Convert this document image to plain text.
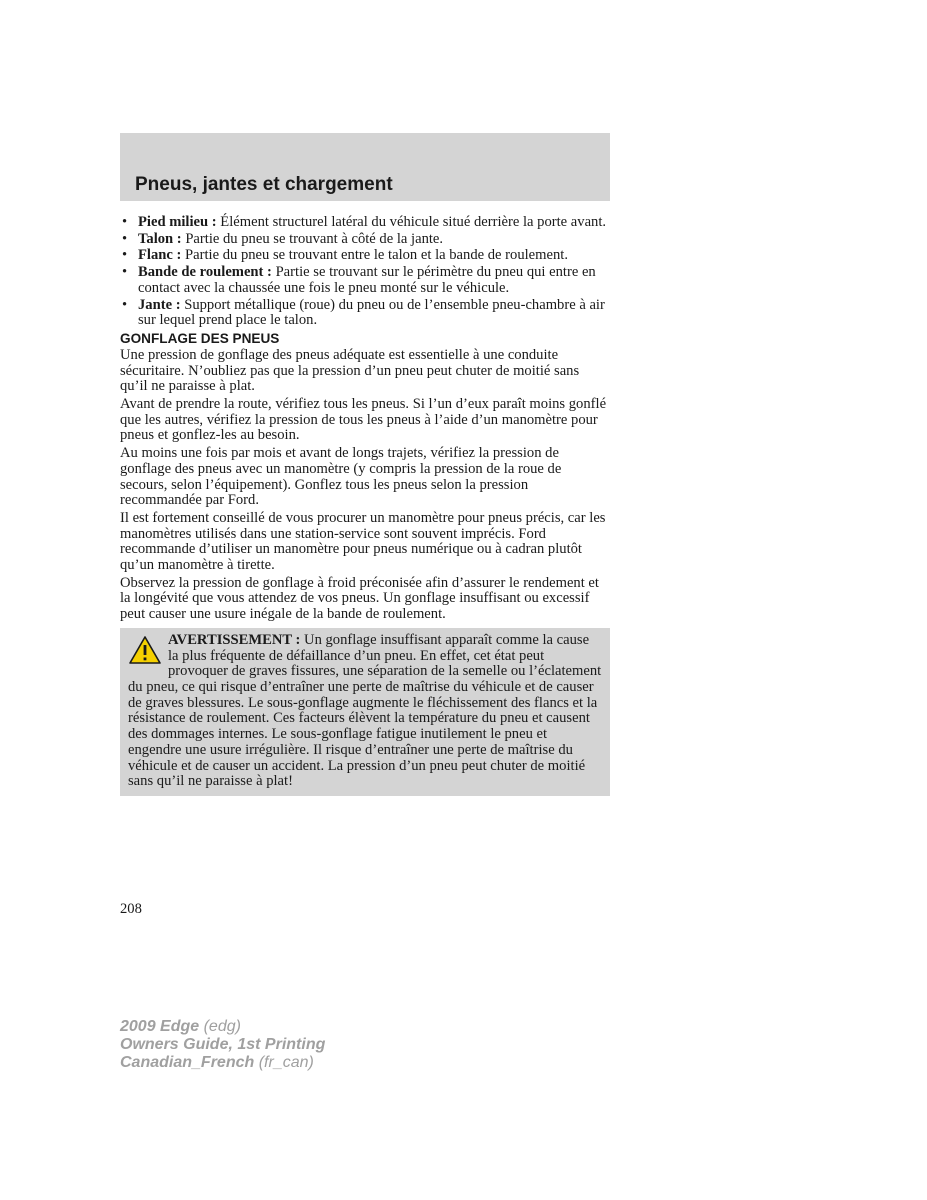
Pneus, jantes et chargement
• Pied milieu : Élément structurel latéral du véhicule situé derrière la porte avant.
• Talon : Partie du pneu se trouvant à côté de la jante.
• Flanc : Partie du pneu se trouvant entre le talon et la bande de roulement.
• Bande de roulement : Partie se trouvant sur le périmètre du pneu qui entre en contact avec la chaussée une fois le pneu monté sur le véhicule.
• Jante : Support métallique (roue) du pneu ou de l’ensemble pneu-chambre à air sur lequel prend place le talon.
GONFLAGE DES PNEUS

Une pression de gonflage des pneus adéquate est essentielle à une conduite sécuritaire. N’oubliez pas que la pression d’un pneu peut chuter de moitié sans qu’il ne paraisse à plat.

Avant de prendre la route, vérifiez tous les pneus. Si l’un d’eux paraît moins gonflé que les autres, vérifiez la pression de tous les pneus à l’aide d’un manomètre pour pneus et gonflez-les au besoin.

Au moins une fois par mois et avant de longs trajets, vérifiez la pression de gonflage des pneus avec un manomètre (y compris la pression de la roue de secours, selon l’équipement). Gonflez tous les pneus selon la pression recommandée par Ford.

Il est fortement conseillé de vous procurer un manomètre pour pneus précis, car les manomètres utilisés dans une station-service sont souvent imprécis. Ford recommande d’utiliser un manomètre pour pneus numérique ou à cadran plutôt qu’un manomètre à tirette.

Observez la pression de gonflage à froid préconisée afin d’assurer le rendement et la longévité que vous attendez de vos pneus. Un gonflage insuffisant ou excessif peut causer une usure inégale de la bande de roulement.

AVERTISSEMENT : Un gonflage insuffisant apparaît comme la cause la plus fréquente de défaillance d’un pneu. En effet, cet état peut provoquer de graves fissures, une séparation de la semelle ou l’éclatement du pneu, ce qui risque d’entraîner une perte de maîtrise du véhicule et de causer de graves blessures. Le sous-gonflage augmente le fléchissement des flancs et la résistance de roulement. Ces facteurs élèvent la température du pneu et causent des dommages internes. Le sous-gonflage fatigue inutilement le pneu et engendre une usure irrégulière. Il risque d’entraîner une perte de maîtrise du véhicule et de causer un accident. La pression d’un pneu peut chuter de moitié sans qu’il ne paraisse à plat!
208
2009 Edge (edg)
Owners Guide, 1st Printing
Canadian_French (fr_can)
